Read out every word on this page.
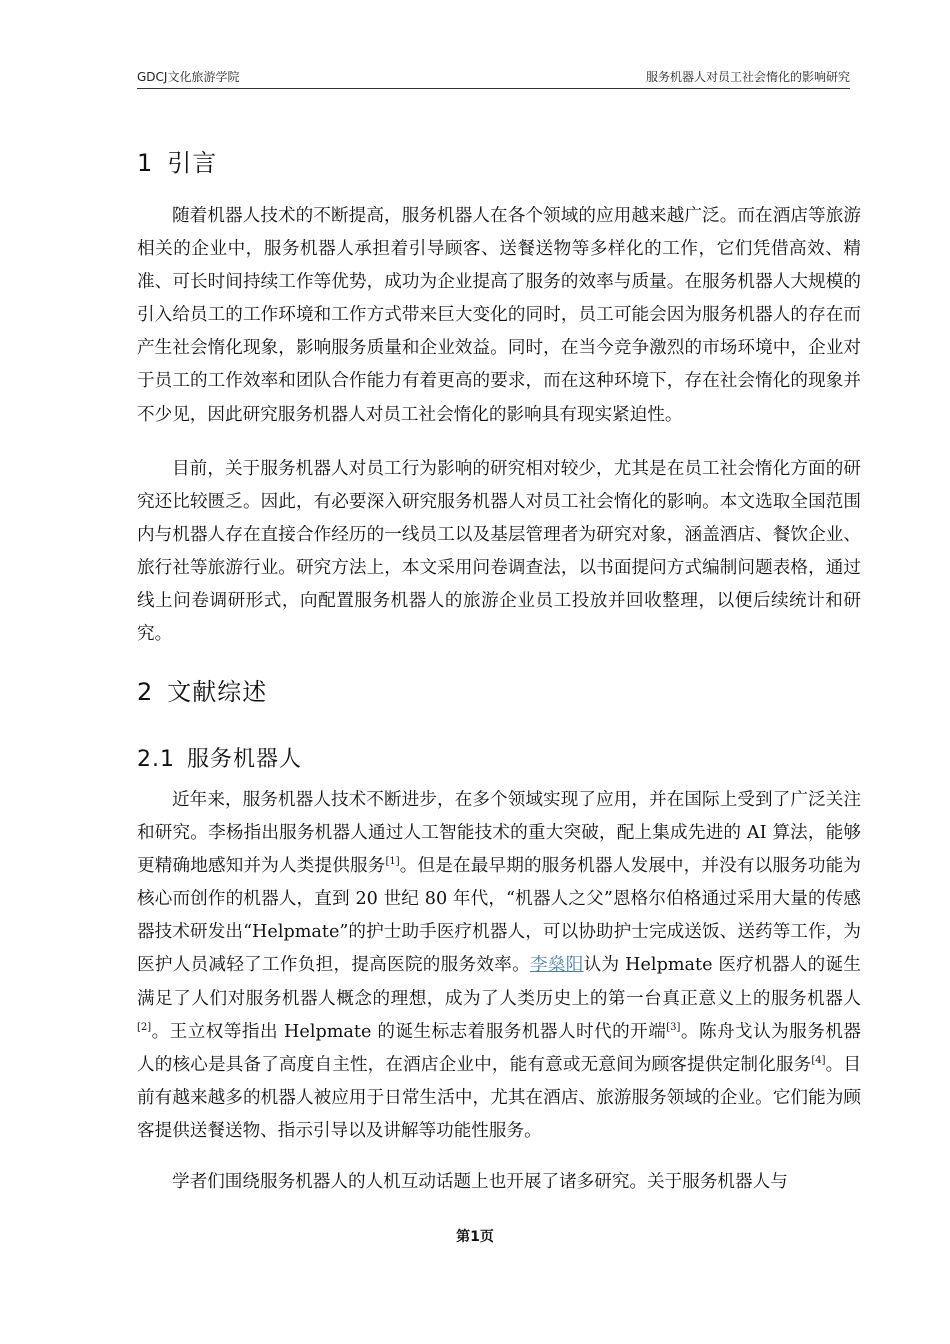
GDCJ文化旅游学院	服务机器人对员工社会惰化的影响研究
1 引言

随着机器人技术的不断提高，服务机器人在各个领域的应用越来越广泛。而在酒店等旅游相关的企业中，服务机器人承担着引导顾客、送餐送物等多样化的工作，它们凭借高效、精准、可长时间持续工作等优势，成功为企业提高了服务的效率与质量。在服务机器人大规模的引入给员工的工作环境和工作方式带来巨大变化的同时，员工可能会因为服务机器人的存在而产生社会惰化现象，影响服务质量和企业效益。同时，在当今竞争激烈的市场环境中，企业对于员工的工作效率和团队合作能力有着更高的要求，而在这种环境下，存在社会惰化的现象并不少见，因此研究服务机器人对员工社会惰化的影响具有现实紧迫性。

目前，关于服务机器人对员工行为影响的研究相对较少，尤其是在员工社会惰化方面的研究还比较匮乏。因此，有必要深入研究服务机器人对员工社会惰化的影响。本文选取全国范围内与机器人存在直接合作经历的一线员工以及基层管理者为研究对象，涵盖酒店、餐饮企业、旅行社等旅游行业。研究方法上，本文采用问卷调查法，以书面提问方式编制问题表格，通过线上问卷调研形式，向配置服务机器人的旅游企业员工投放并回收整理，以便后续统计和研究。

2 文献综述
2.1 服务机器人

近年来，服务机器人技术不断进步，在多个领域实现了应用，并在国际上受到了广泛关注和研究。李杨指出服务机器人通过人工智能技术的重大突破，配上集成先进的 AI 算法，能够更精确地感知并为人类提供服务[1]。但是在最早期的服务机器人发展中，并没有以服务功能为核心而创作的机器人，直到 20 世纪 80 年代，“机器人之父”恩格尔伯格通过采用大量的传感器技术研发出“Helpmate”的护士助手医疗机器人，可以协助护士完成送饭、送药等工作，为医护人员减轻了工作负担，提高医院的服务效率。李燊阳认为 Helpmate 医疗机器人的诞生满足了人们对服务机器人概念的理想，成为了人类历史上的第一台真正意义上的服务机器人[2]。王立权等指出 Helpmate 的诞生标志着服务机器人时代的开端[3]。陈舟戈认为服务机器人的核心是具备了高度自主性，在酒店企业中，能有意或无意间为顾客提供定制化服务[4]。目前有越来越多的机器人被应用于日常生活中，尤其在酒店、旅游服务领域的企业。它们能为顾客提供送餐送物、指示引导以及讲解等功能性服务。

学者们围绕服务机器人的人机互动话题上也开展了诸多研究。关于服务机器人与

第1页
